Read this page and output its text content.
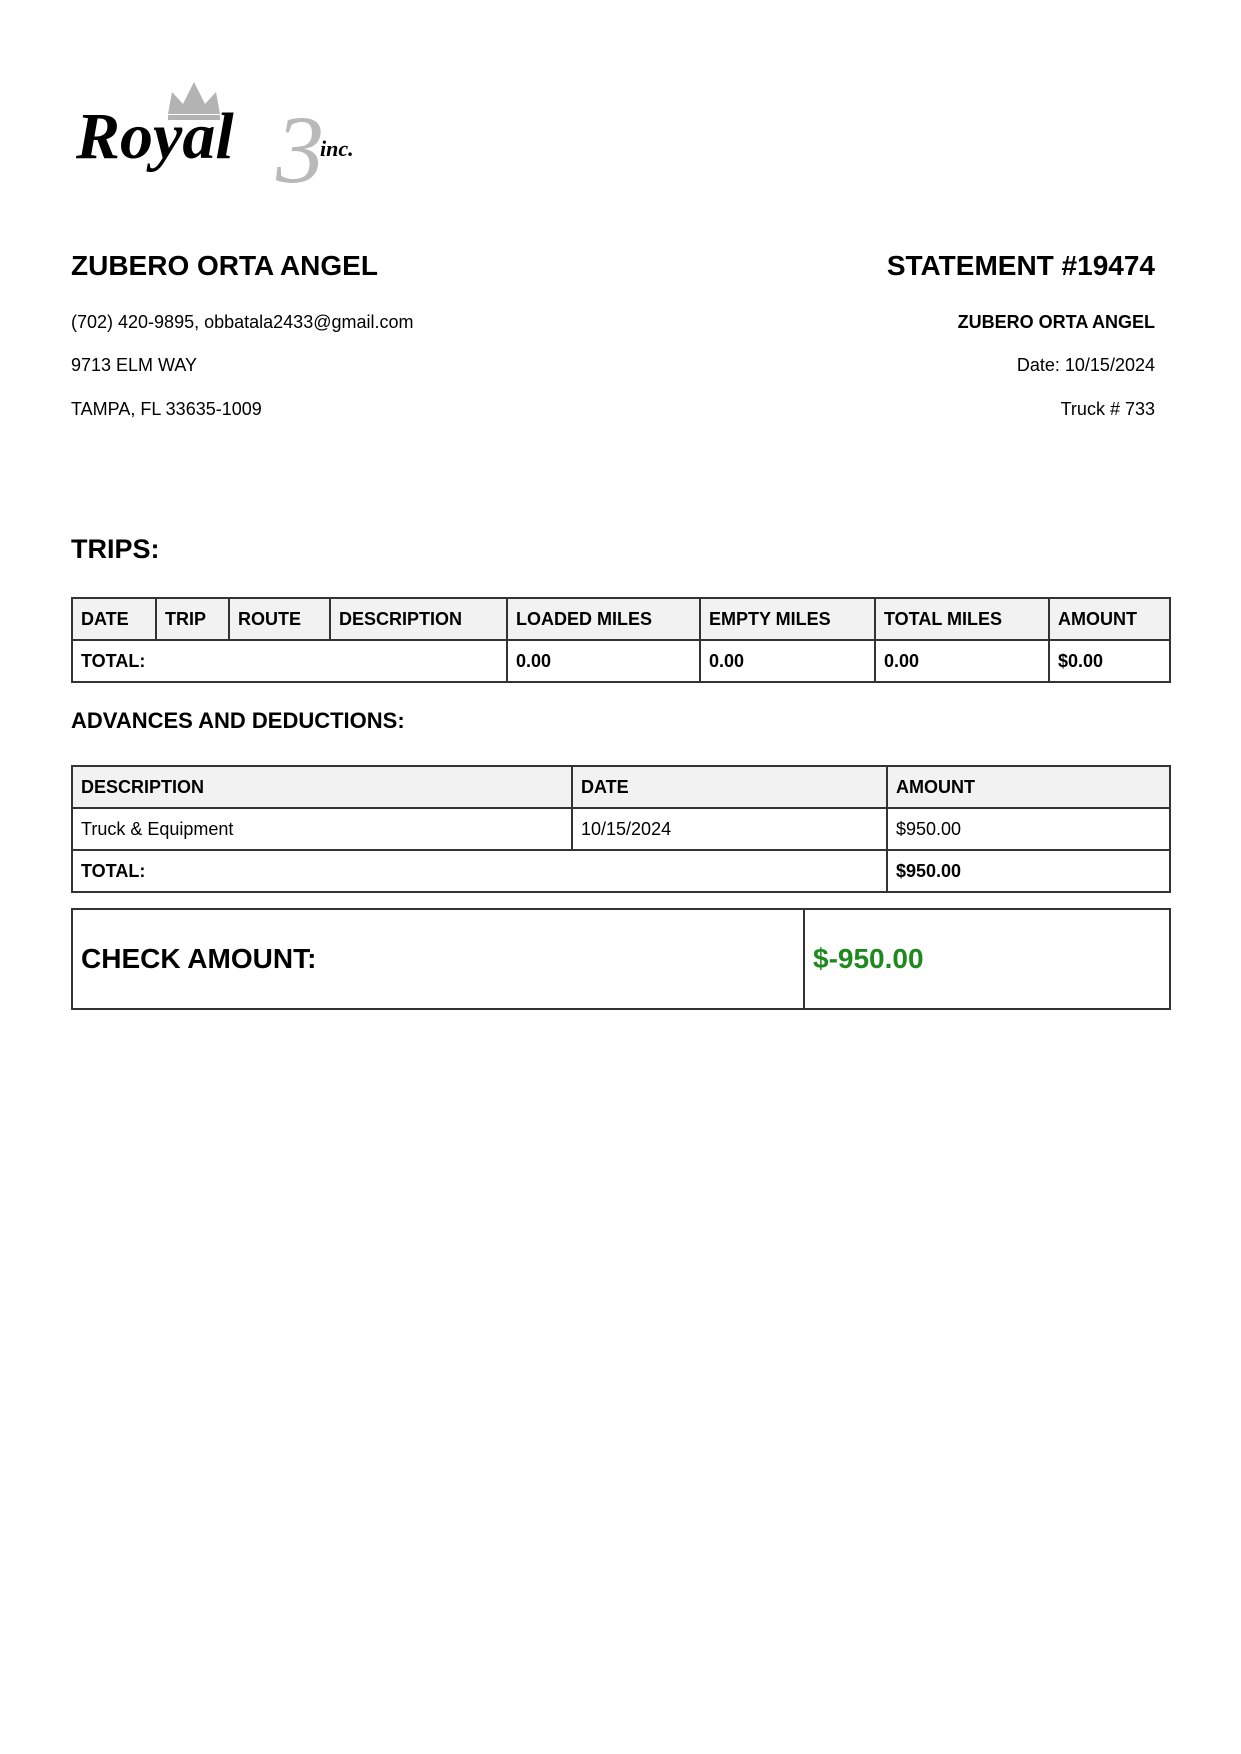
3
Royal	inc.
ZUBERO ORTA ANGEL
(702) 420-9895, obbatala2433@gmail.com
9713 ELM WAY
TAMPA, FL 33635-1009
STATEMENT #19474
ZUBERO ORTA ANGEL
Date: 10/15/2024
Truck # 733
TRIPS:
DATE	TRIP	ROUTE	DESCRIPTION	LOADED MILES	EMPTY MILES	TOTAL MILES	AMOUNT
TOTAL:				0.00	0.00	0.00	$0.00
ADVANCES AND DEDUCTIONS:
DESCRIPTION	DATE	AMOUNT
Truck & Equipment	10/15/2024	$950.00
TOTAL:		$950.00
CHECK AMOUNT:	$-950.00
